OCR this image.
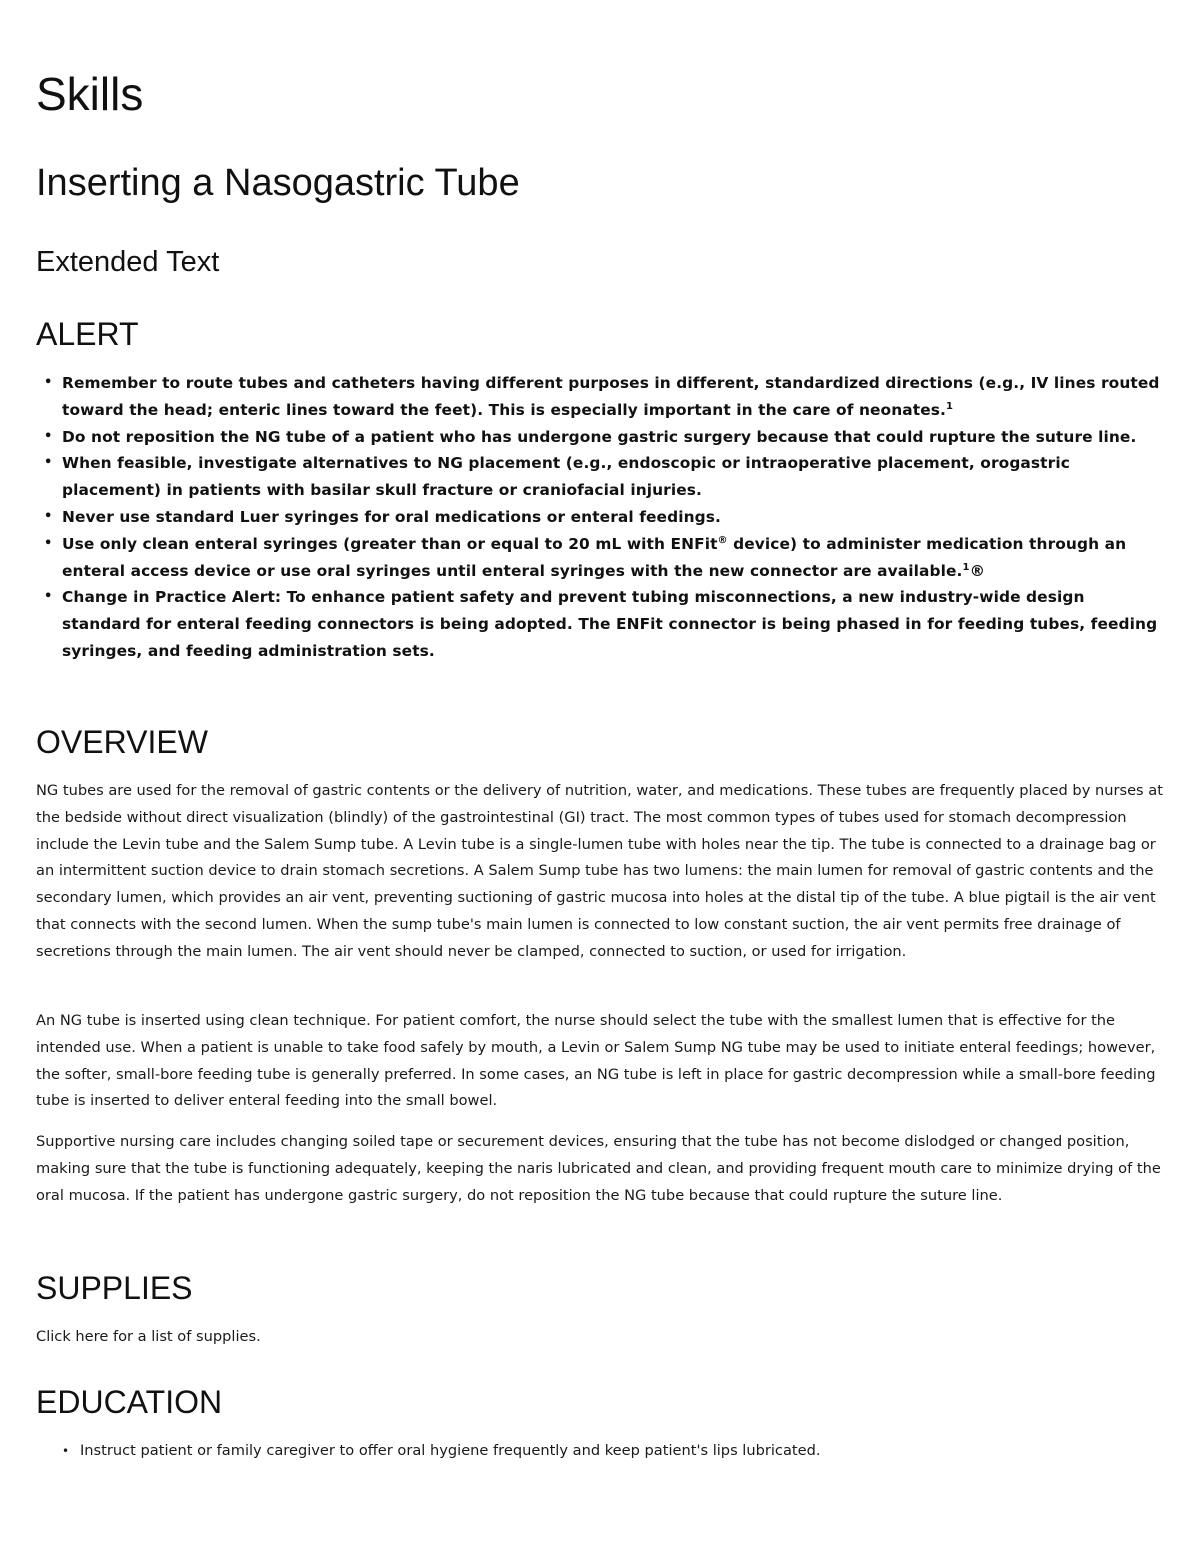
Skills
Inserting a Nasogastric Tube
Extended Text
ALERT
• Remember to route tubes and catheters having different purposes in different, standardized directions (e.g., IV lines routed toward the head; enteric lines toward the feet). This is especially important in the care of neonates.$^1$
• Do not reposition the NG tube of a patient who has undergone gastric surgery because that could rupture the suture line.
• When feasible, investigate alternatives to NG placement (e.g., endoscopic or intraoperative placement, orogastric placement) in patients with basilar skull fracture or craniofacial injuries.
• Never use standard Luer syringes for oral medications or enteral feedings.
• Use only clean enteral syringes (greater than or equal to 20 mL with ENFit® device) to administer medication through an enteral access device or use oral syringes until enteral syringes with the new connector are available.$^1$®
• Change in Practice Alert: To enhance patient safety and prevent tubing misconnections, a new industry-wide design standard for enteral feeding connectors is being adopted. The ENFit connector is being phased in for feeding tubes, feeding syringes, and feeding administration sets.
OVERVIEW

NG tubes are used for the removal of gastric contents or the delivery of nutrition, water, and medications. These tubes are frequently placed by nurses at the bedside without direct visualization (blindly) of the gastrointestinal (GI) tract. The most common types of tubes used for stomach decompression include the Levin tube and the Salem Sump tube. A Levin tube is a single-lumen tube with holes near the tip. The tube is connected to a drainage bag or an intermittent suction device to drain stomach secretions. A Salem Sump tube has two lumens: the main lumen for removal of gastric contents and the secondary lumen, which provides an air vent, preventing suctioning of gastric mucosa into holes at the distal tip of the tube. A blue pigtail is the air vent that connects with the second lumen. When the sump tube's main lumen is connected to low constant suction, the air vent permits free drainage of secretions through the main lumen. The air vent should never be clamped, connected to suction, or used for irrigation.

An NG tube is inserted using clean technique. For patient comfort, the nurse should select the tube with the smallest lumen that is effective for the intended use. When a patient is unable to take food safely by mouth, a Levin or Salem Sump NG tube may be used to initiate enteral feedings; however, the softer, small-bore feeding tube is generally preferred. In some cases, an NG tube is left in place for gastric decompression while a small-bore feeding tube is inserted to deliver enteral feeding into the small bowel.

Supportive nursing care includes changing soiled tape or securement devices, ensuring that the tube has not become dislodged or changed position, making sure that the tube is functioning adequately, keeping the naris lubricated and clean, and providing frequent mouth care to minimize drying of the oral mucosa. If the patient has undergone gastric surgery, do not reposition the NG tube because that could rupture the suture line.

SUPPLIES

Click here for a list of supplies.

EDUCATION
• Instruct patient or family caregiver to offer oral hygiene frequently and keep patient's lips lubricated.
